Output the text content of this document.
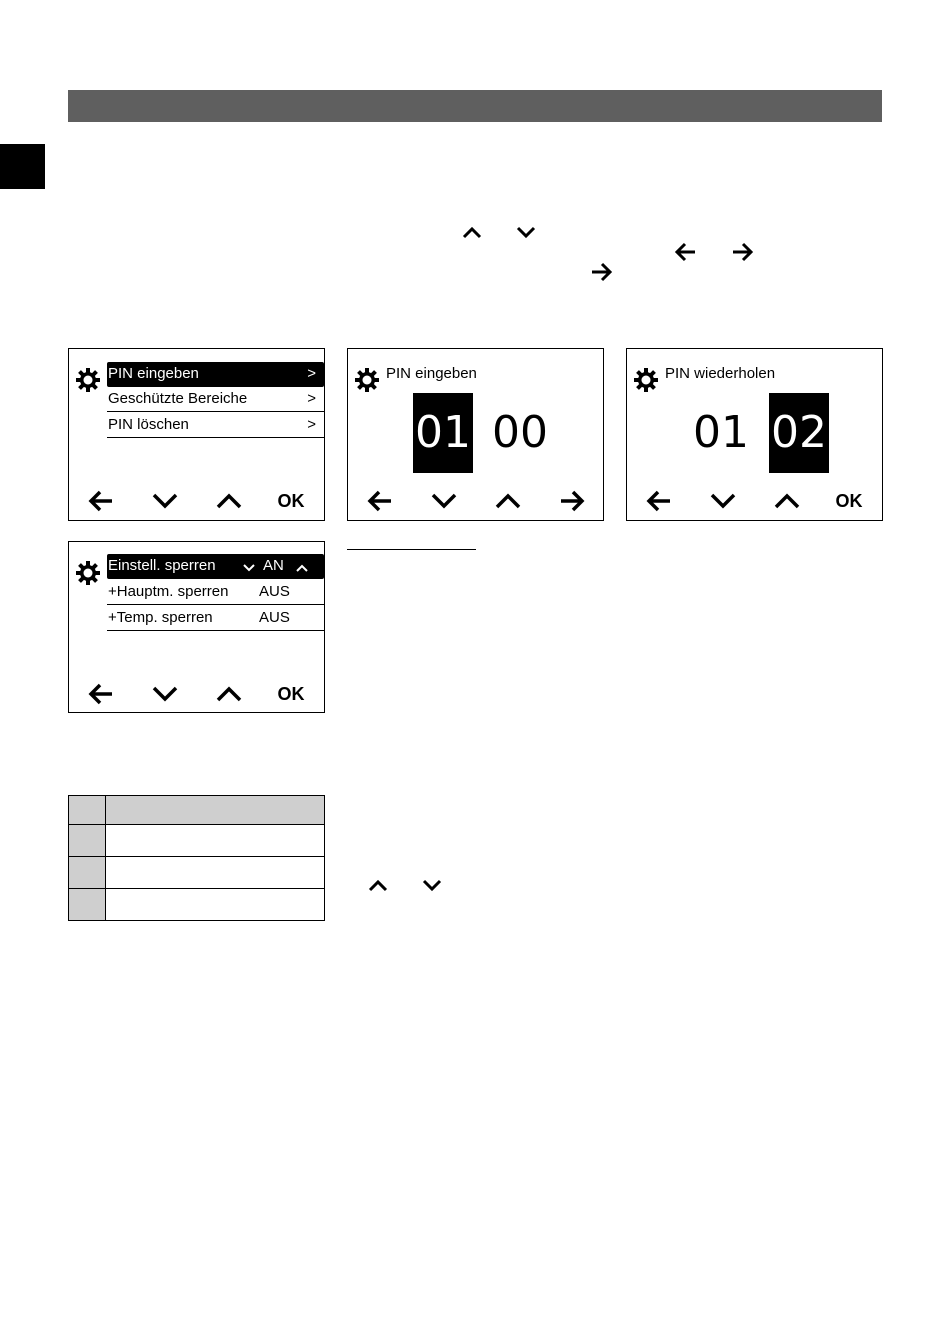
PIN eingeben	>
Geschützte Bereiche	>
PIN löschen	>
OK
PIN eingeben
01 00
PIN wiederholen
01 02
OK
Einstell. sperren	AN
+Hauptm. sperren AUS
+Temp. sperren	AUS
OK
